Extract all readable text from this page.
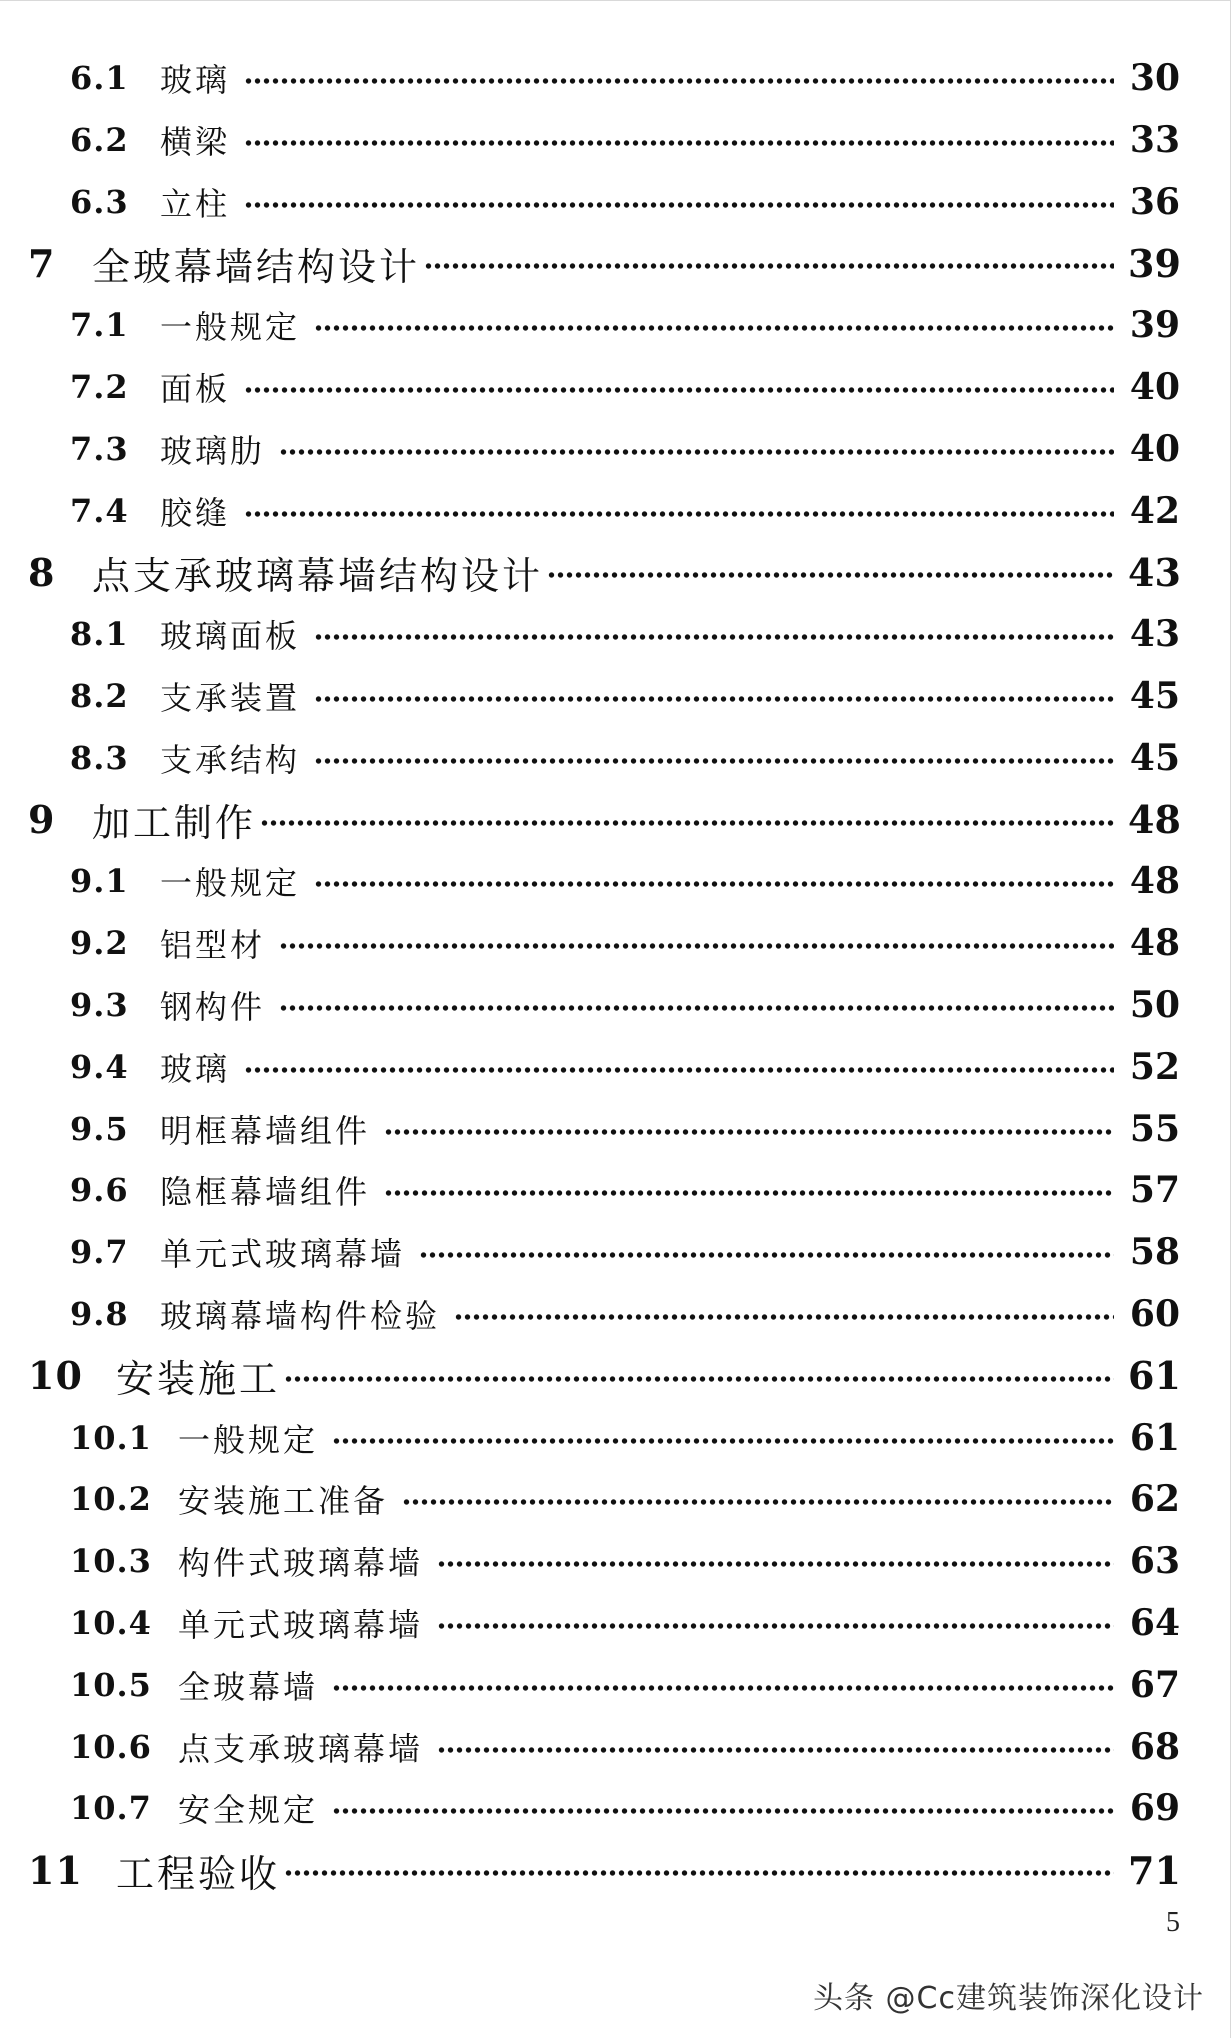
6.1 玻璃	30
6.2 横梁	33
6.3 立柱	36
7 全玻幕墙结构设计	39
7.1 一般规定	39
7.2 面板	40
7.3 玻璃肋	40
7.4 胶缝	42
8 点支承玻璃幕墙结构设计	43
8.1 玻璃面板	43
8.2 支承装置	45
8.3 支承结构	45
9 加工制作	48
9.1 一般规定	48
9.2 铝型材	48
9.3 钢构件	50
9.4 玻璃	52
9.5 明框幕墙组件	55
9.6 隐框幕墙组件	57
9.7 单元式玻璃幕墙	58
9.8 玻璃幕墙构件检验	60
10 安装施工	61
10.1 一般规定	61
10.2 安装施工准备	62
10.3 构件式玻璃幕墙	63
10.4 单元式玻璃幕墙	64
10.5 全玻幕墙	67
10.6 点支承玻璃幕墙	68
10.7 安全规定	69
11 工程验收	71
5
头条 @Cc建筑装饰深化设计
